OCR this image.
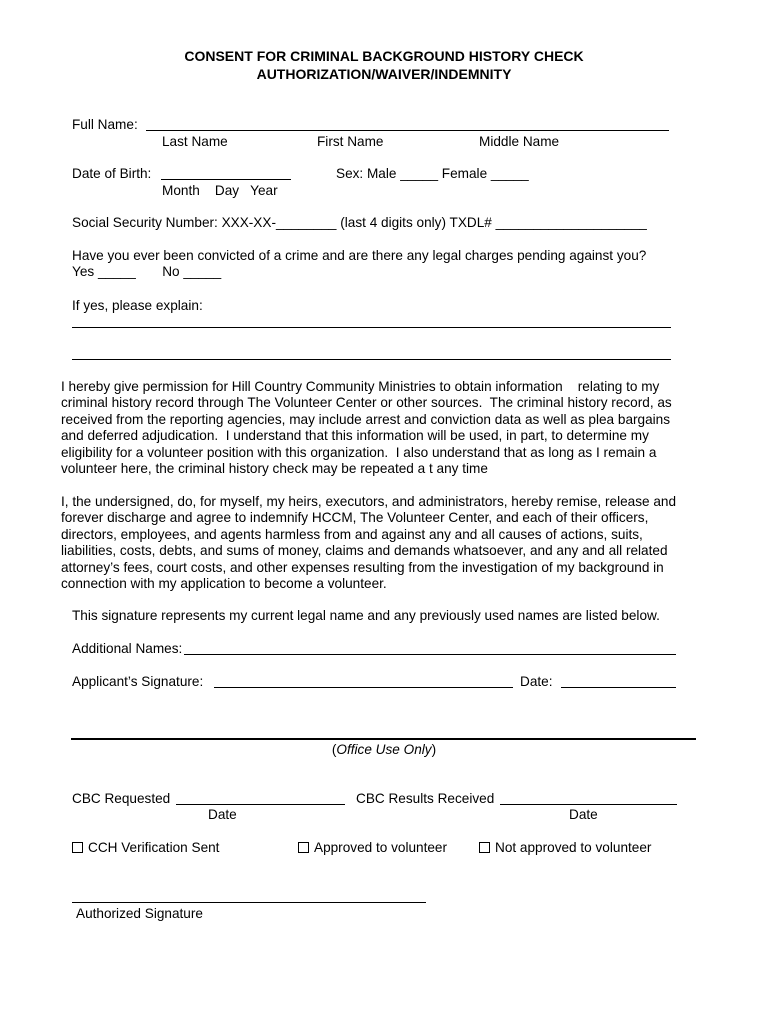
CONSENT FOR CRIMINAL BACKGROUND HISTORY CHECK
AUTHORIZATION/WAIVER/INDEMNITY
Full Name:
Last Name	First Name	Middle Name
Date of Birth:	Sex: Male _____ Female _____
Month    Day   Year
Social Security Number: XXX-XX-________ (last 4 digits only) TXDL# ____________________
Have you ever been convicted of a crime and are there any legal charges pending against you?
Yes _____       No _____
If yes, please explain:
I hereby give permission for Hill Country Community Ministries to obtain information    relating to my
criminal history record through The Volunteer Center or other sources.  The criminal history record, as
received from the reporting agencies, may include arrest and conviction data as well as plea bargains
and deferred adjudication.  I understand that this information will be used, in part, to determine my
eligibility for a volunteer position with this organization.  I also understand that as long as I remain a
volunteer here, the criminal history check may be repeated a t any time
I, the undersigned, do, for myself, my heirs, executors, and administrators, hereby remise, release and
forever discharge and agree to indemnify HCCM, The Volunteer Center, and each of their officers,
directors, employees, and agents harmless from and against any and all causes of actions, suits,
liabilities, costs, debts, and sums of money, claims and demands whatsoever, and any and all related
attorney’s fees, court costs, and other expenses resulting from the investigation of my background in
connection with my application to become a volunteer.
This signature represents my current legal name and any previously used names are listed below.
Additional Names:
Applicant’s Signature:	Date:
(Office Use Only)
CBC Requested	CBC Results Received
Date	Date
CCH Verification Sent	Approved to volunteer	Not approved to volunteer
Authorized Signature
